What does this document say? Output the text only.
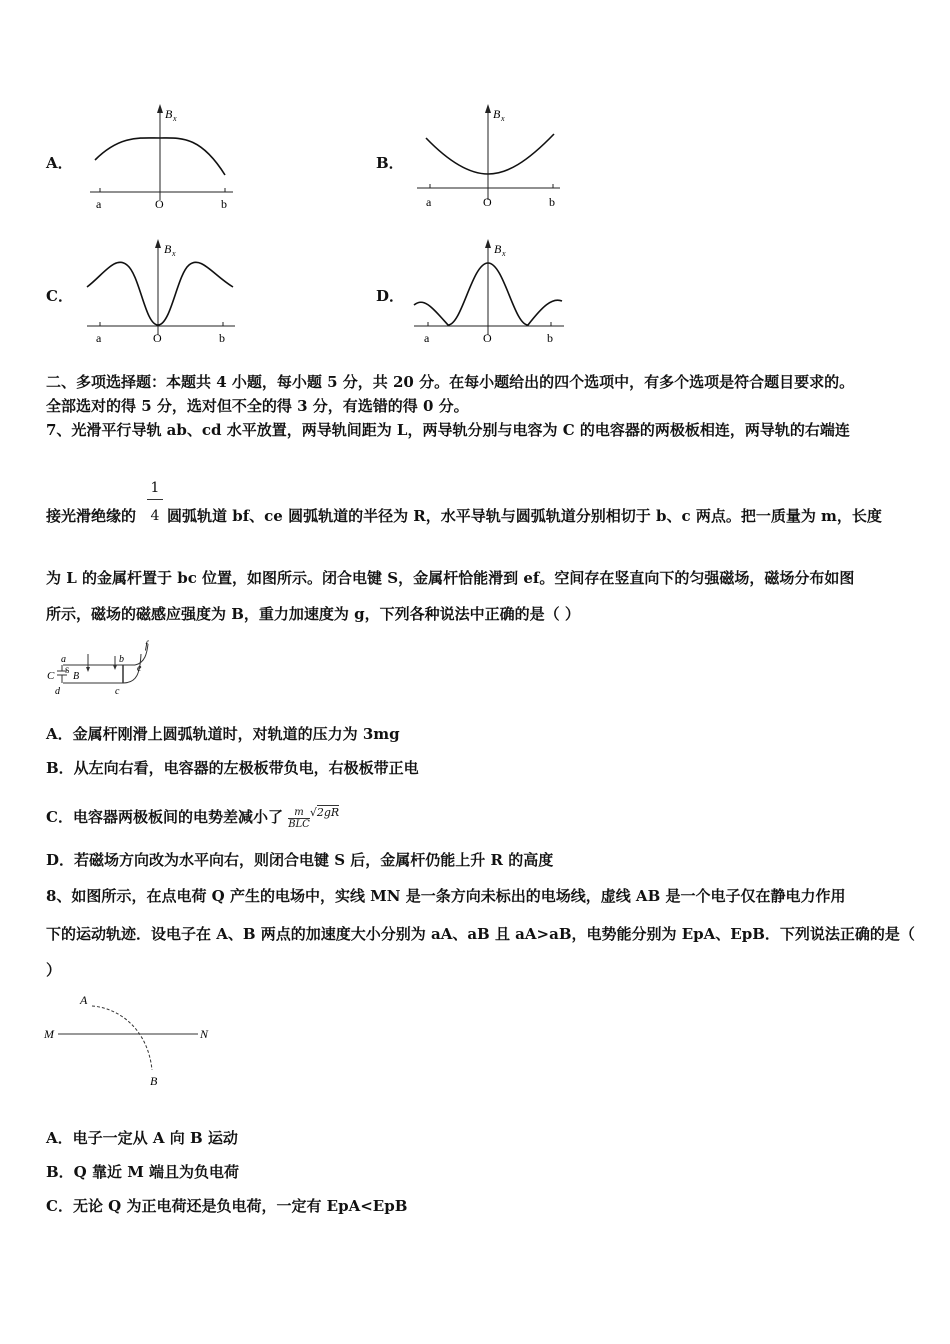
A．
B x
a	O	b
B．
B x
a	O	b
C．
B x
a	O	b
D．
B x
a	O	b
二、多项选择题：本题共 4 小题，每小题 5 分，共 20 分。在每小题给出的四个选项中，有多个选项是符合题目要求的。
全部选对的得 5 分，选对但不全的得 3 分，有选错的得 0 分。
7、光滑平行导轨 ab、cd 水平放置，两导轨间距为 L，两导轨分别与电容为 C 的电容器的两极板相连，两导轨的右端连
接光滑绝缘的
1
4 圆弧轨道 bf、ce 圆弧轨道的半径为 R，水平导轨与圆弧轨道分别相切于 b、c 两点。把一质量为 m，长度
为 L 的金属杆置于 bc 位置，如图所示。闭合电键 S，金属杆恰能滑到 ef。空间存在竖直向下的匀强磁场，磁场分布如图
所示，磁场的磁感应强度为 B，重力加速度为 g，下列各种说法中正确的是（ ）
a	b
c
d
e
f
C S
B
A．金属杆刚滑上圆弧轨道时，对轨道的压力为 3mg
B．从左向右看，电容器的左极板带负电，右极板带正电
C．电容器两极板间的电势差减小了 $\frac{m}{\text{BLC}} ^{√2gR}$
D．若磁场方向改为水平向右，则闭合电键 S 后，金属杆仍能上升 R 的高度
8、如图所示，在点电荷 Q 产生的电场中，实线 MN 是一条方向未标出的电场线，虚线 AB 是一个电子仅在静电力作用
下的运动轨迹．设电子在 A、B 两点的加速度大小分别为 aA、aB 且 aA>aB，电势能分别为 EpA、EpB．下列说法正确的是（
）
A
B
M	N
A．电子一定从 A 向 B 运动
B．Q 靠近 M 端且为负电荷
C．无论 Q 为正电荷还是负电荷，一定有 EpA<EpB
